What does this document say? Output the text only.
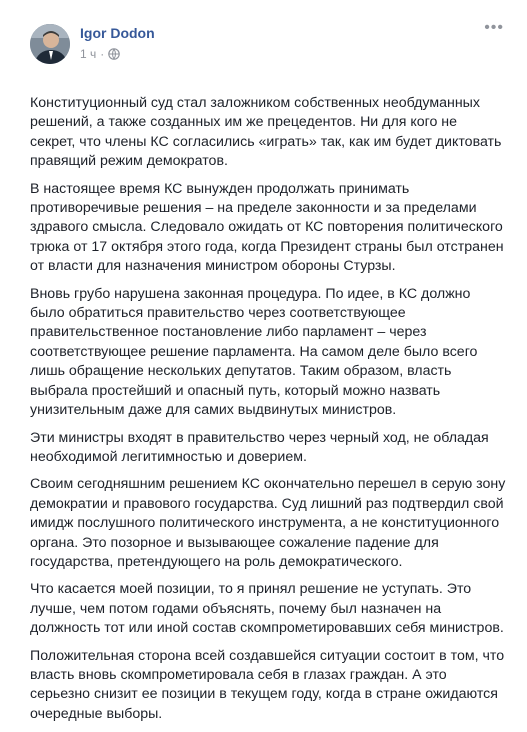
Igor Dodon
1 ч ·
•••

Конституционный суд стал заложником собственных необдуманных решений, а также созданных им же прецедентов. Ни для кого не секрет, что члены КС согласились «играть» так, как им будет диктовать правящий режим демократов.

В настоящее время КС вынужден продолжать принимать противоречивые решения – на пределе законности и за пределами здравого смысла. Следовало ожидать от КС повторения политического трюка от 17 октября этого года, когда Президент страны был отстранен от власти для назначения министром обороны Стурзы.

Вновь грубо нарушена законная процедура. По идее, в КС должно было обратиться правительство через соответствующее правительственное постановление либо парламент – через соответствующее решение парламента. На самом деле было всего лишь обращение нескольких депутатов. Таким образом, власть выбрала простейший и опасный путь, который можно назвать унизительным даже для самих выдвинутых министров.

Эти министры входят в правительство через черный ход, не обладая необходимой легитимностью и доверием.

Своим сегодняшним решением КС окончательно перешел в серую зону демократии и правового государства. Суд лишний раз подтвердил свой имидж послушного политического инструмента, а не конституционного органа. Это позорное и вызывающее сожаление падение для государства, претендующего на роль демократического.

Что касается моей позиции, то я принял решение не уступать. Это лучше, чем потом годами объяснять, почему был назначен на должность тот или иной состав скомпрометировавших себя министров.

Положительная сторона всей создавшейся ситуации состоит в том, что власть вновь скомпрометировала себя в глазах граждан. А это серьезно снизит ее позиции в текущем году, когда в стране ожидаются очередные выборы.
